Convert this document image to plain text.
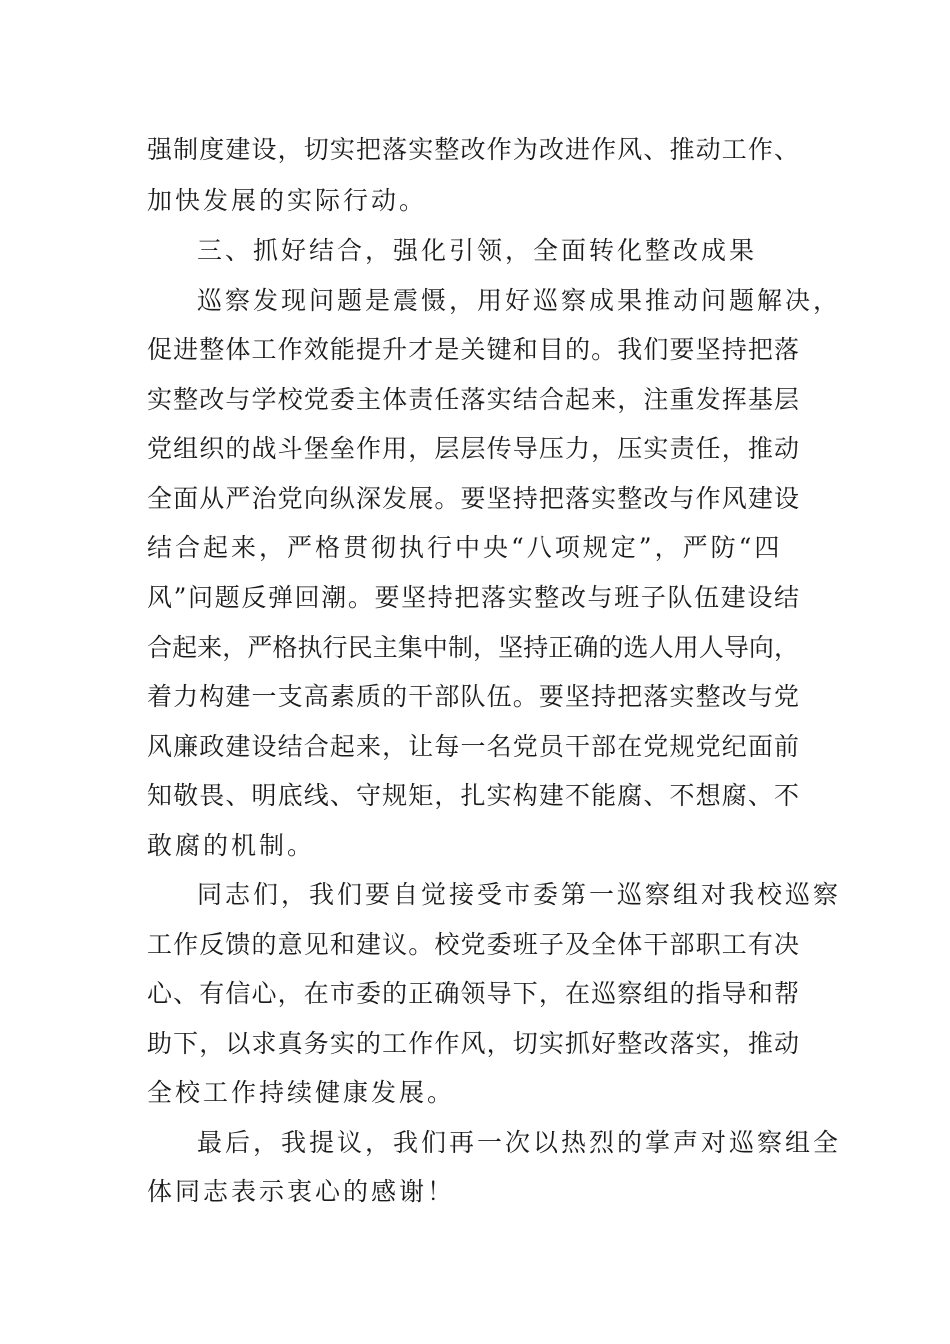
强制度建设，切实把落实整改作为改进作风、推动工作、
加快发展的实际行动。
三、抓好结合，强化引领，全面转化整改成果
巡察发现问题是震慑，用好巡察成果推动问题解决，
促进整体工作效能提升才是关键和目的。我们要坚持把落
实整改与学校党委主体责任落实结合起来，注重发挥基层
党组织的战斗堡垒作用，层层传导压力，压实责任，推动
全面从严治党向纵深发展。要坚持把落实整改与作风建设
结合起来，严格贯彻执行中央“八项规定”，严防“四
风”问题反弹回潮。要坚持把落实整改与班子队伍建设结
合起来，严格执行民主集中制，坚持正确的选人用人导向，
着力构建一支高素质的干部队伍。要坚持把落实整改与党
风廉政建设结合起来，让每一名党员干部在党规党纪面前
知敬畏、明底线、守规矩，扎实构建不能腐、不想腐、不
敢腐的机制。
同志们，我们要自觉接受市委第一巡察组对我校巡察
工作反馈的意见和建议。校党委班子及全体干部职工有决
心、有信心，在市委的正确领导下，在巡察组的指导和帮
助下，以求真务实的工作作风，切实抓好整改落实，推动
全校工作持续健康发展。
最后，我提议，我们再一次以热烈的掌声对巡察组全
体同志表示衷心的感谢！
